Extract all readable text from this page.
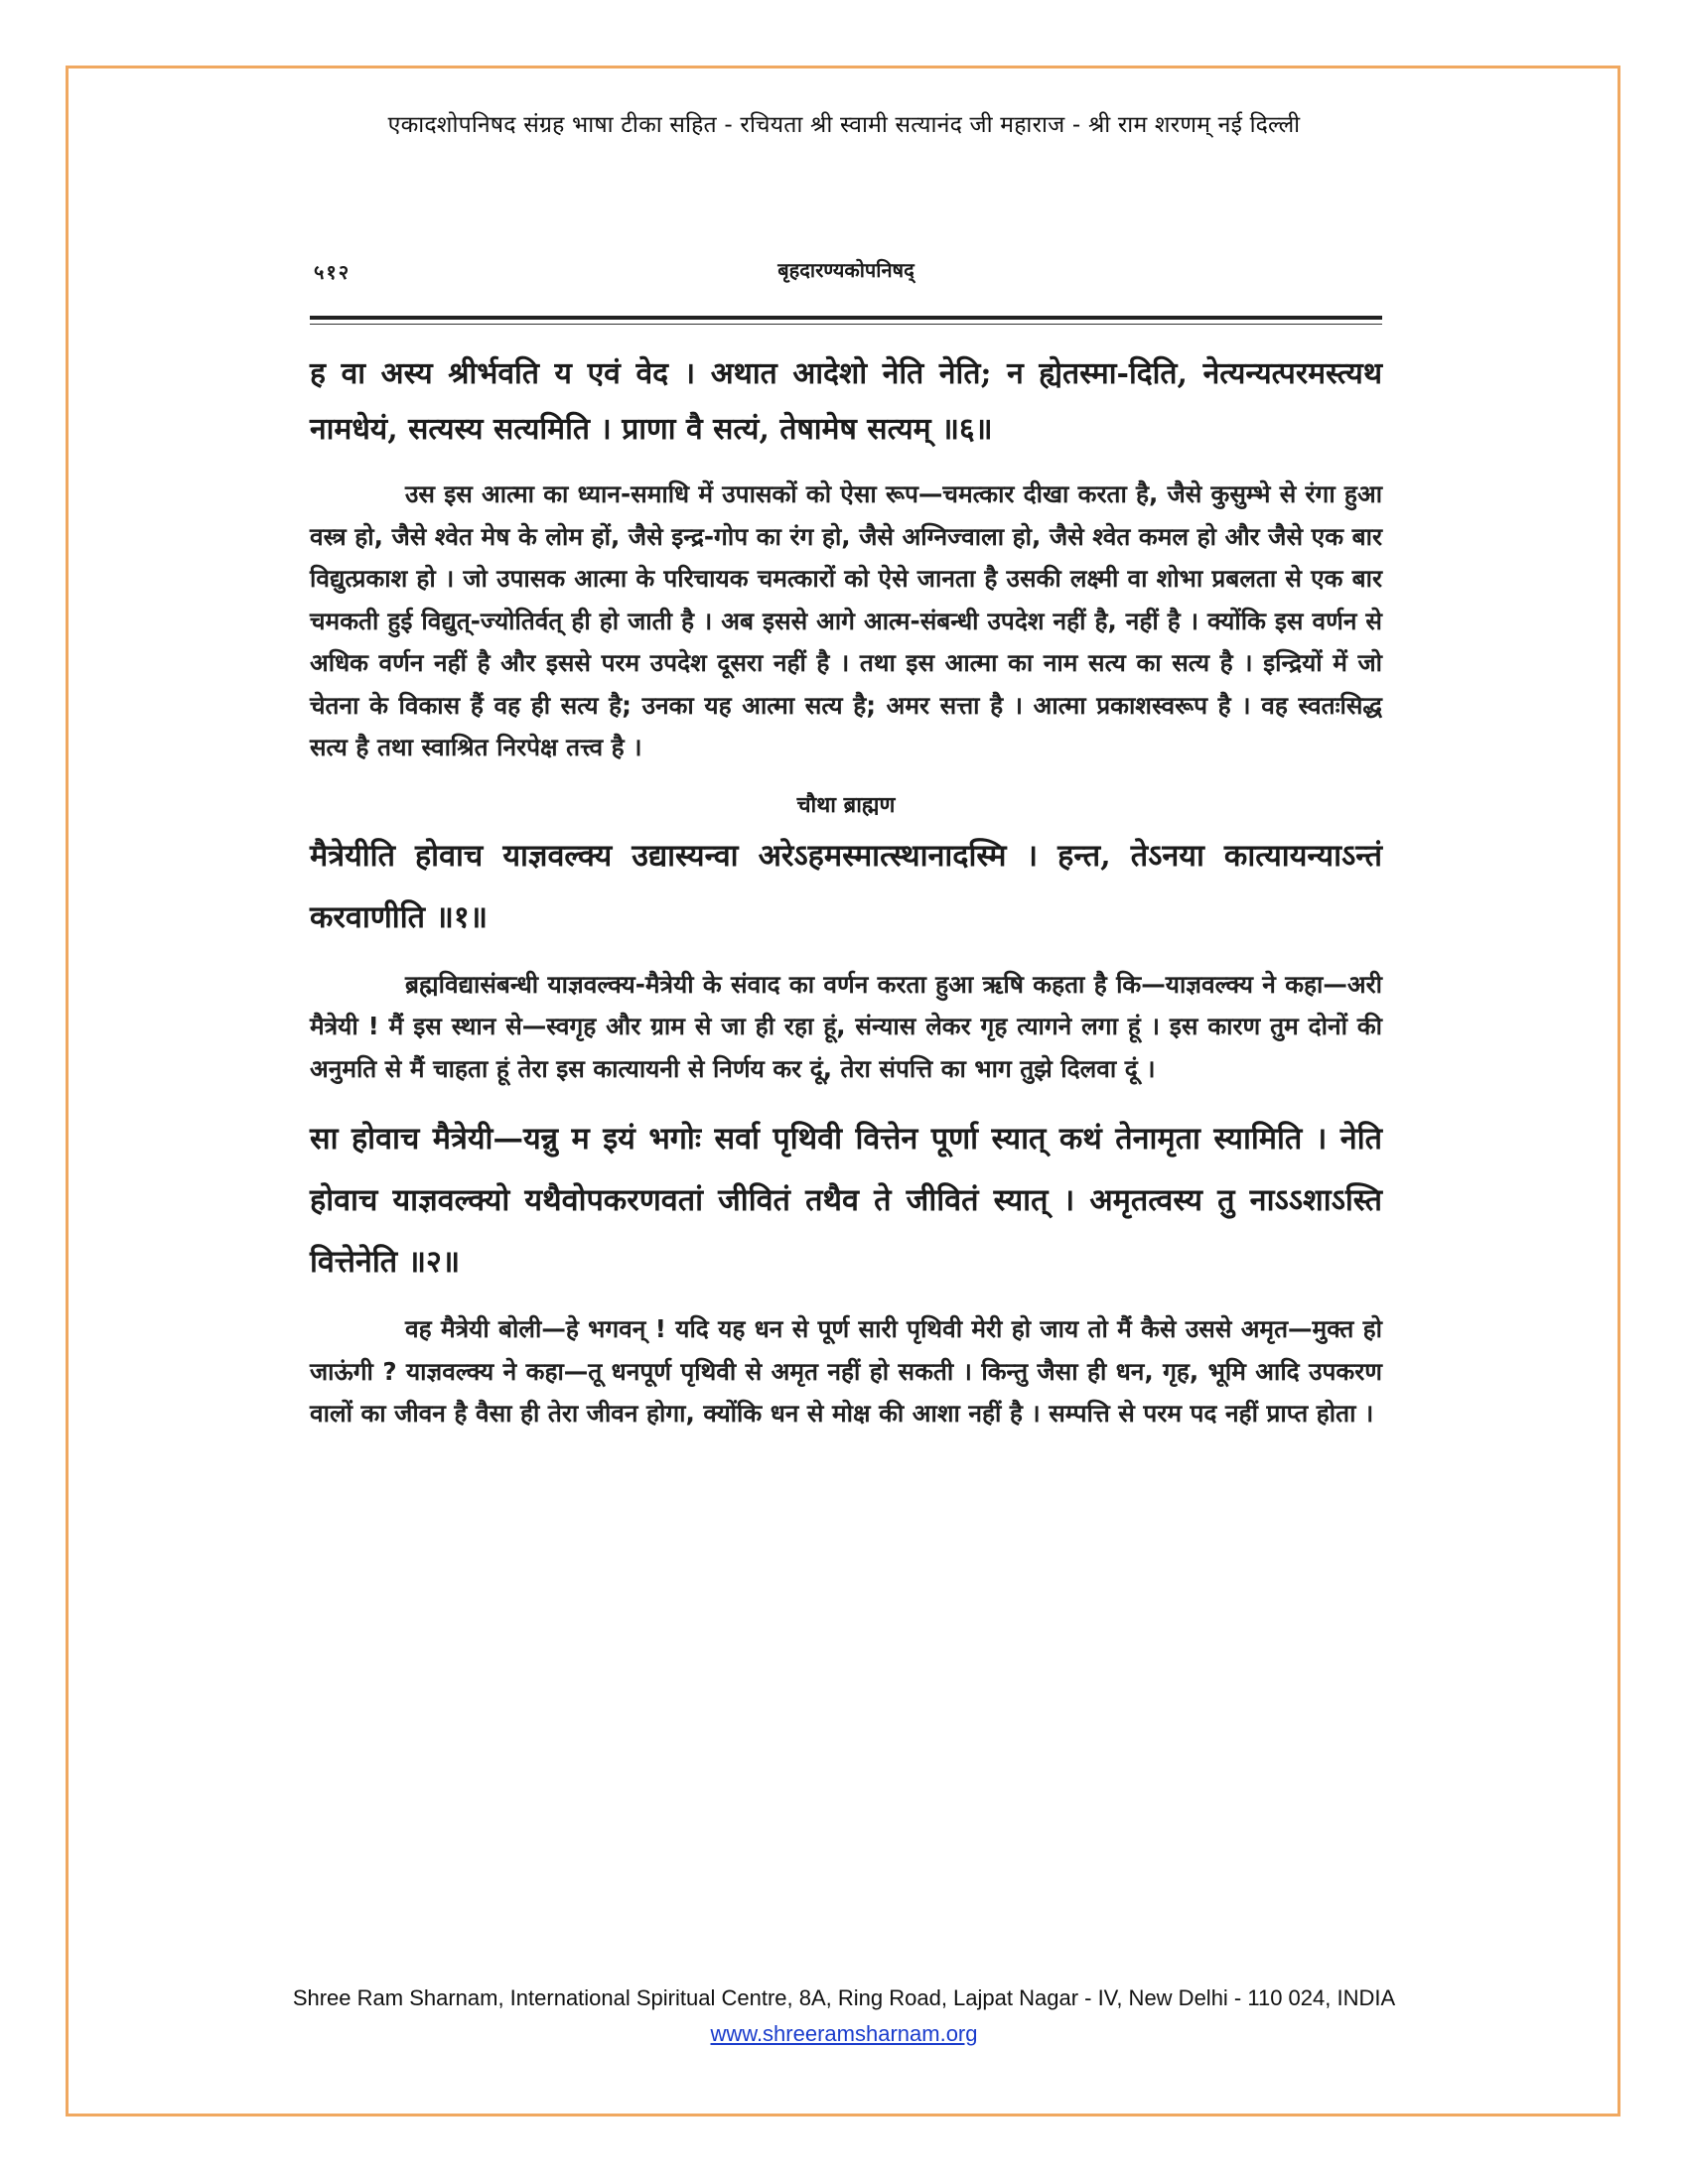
एकादशोपनिषद संग्रह भाषा टीका सहित - रचियता श्री स्वामी सत्यानंद जी महाराज - श्री राम शरणम् नई दिल्ली
५१२	बृहदारण्यकोपनिषद्

ह वा अस्य श्रीर्भवति य एवं वेद । अथात आदेशो नेति नेति; न ह्येतस्मा-दिति, नेत्यन्यत्परमस्त्यथ नामधेयं, सत्यस्य सत्यमिति । प्राणा वै सत्यं, तेषामेष सत्यम् ॥६॥

उस इस आत्मा का ध्यान-समाधि में उपासकों को ऐसा रूप—चमत्कार दीखा करता है, जैसे कुसुम्भे से रंगा हुआ वस्त्र हो, जैसे श्वेत मेष के लोम हों, जैसे इन्द्र-गोप का रंग हो, जैसे अग्निज्वाला हो, जैसे श्वेत कमल हो और जैसे एक बार विद्युत्प्रकाश हो । जो उपासक आत्मा के परिचायक चमत्कारों को ऐसे जानता है उसकी लक्ष्मी वा शोभा प्रबलता से एक बार चमकती हुई विद्युत्-ज्योतिर्वत् ही हो जाती है । अब इससे आगे आत्म-संबन्धी उपदेश नहीं है, नहीं है । क्योंकि इस वर्णन से अधिक वर्णन नहीं है और इससे परम उपदेश दूसरा नहीं है । तथा इस आत्मा का नाम सत्य का सत्य है । इन्द्रियों में जो चेतना के विकास हैं वह ही सत्य है; उनका यह आत्मा सत्य है; अमर सत्ता है । आत्मा प्रकाशस्वरूप है । वह स्वतःसिद्ध सत्य है तथा स्वाश्रित निरपेक्ष तत्त्व है ।

चौथा ब्राह्मण

मैत्रेयीति होवाच याज्ञवल्क्य उद्यास्यन्वा अरेऽहमस्मात्स्थानादस्मि । हन्त, तेऽनया कात्यायन्याऽन्तं करवाणीति ॥१॥

ब्रह्मविद्यासंबन्धी याज्ञवल्क्य-मैत्रेयी के संवाद का वर्णन करता हुआ ऋषि कहता है कि—याज्ञवल्क्य ने कहा—अरी मैत्रेयी ! मैं इस स्थान से—स्वगृह और ग्राम से जा ही रहा हूं, संन्यास लेकर गृह त्यागने लगा हूं । इस कारण तुम दोनों की अनुमति से मैं चाहता हूं तेरा इस कात्यायनी से निर्णय कर दूं, तेरा संपत्ति का भाग तुझे दिलवा दूं ।

सा होवाच मैत्रेयी—यन्नु म इयं भगोः सर्वा पृथिवी वित्तेन पूर्णा स्यात् कथं तेनामृता स्यामिति । नेति होवाच याज्ञवल्क्यो यथैवोपकरणवतां जीवितं तथैव ते जीवितं स्यात् । अमृतत्वस्य तु नाऽऽशाऽस्ति वित्तेनेति ॥२॥

वह मैत्रेयी बोली—हे भगवन् ! यदि यह धन से पूर्ण सारी पृथिवी मेरी हो जाय तो मैं कैसे उससे अमृत—मुक्त हो जाऊंगी ? याज्ञवल्क्य ने कहा—तू धनपूर्ण पृथिवी से अमृत नहीं हो सकती । किन्तु जैसा ही धन, गृह, भूमि आदि उपकरण वालों का जीवन है वैसा ही तेरा जीवन होगा, क्योंकि धन से मोक्ष की आशा नहीं है । सम्पत्ति से परम पद नहीं प्राप्त होता ।

Shree Ram Sharnam, International Spiritual Centre, 8A, Ring Road, Lajpat Nagar - IV, New Delhi - 110 024, INDIA
www.shreeramsharnam.org
